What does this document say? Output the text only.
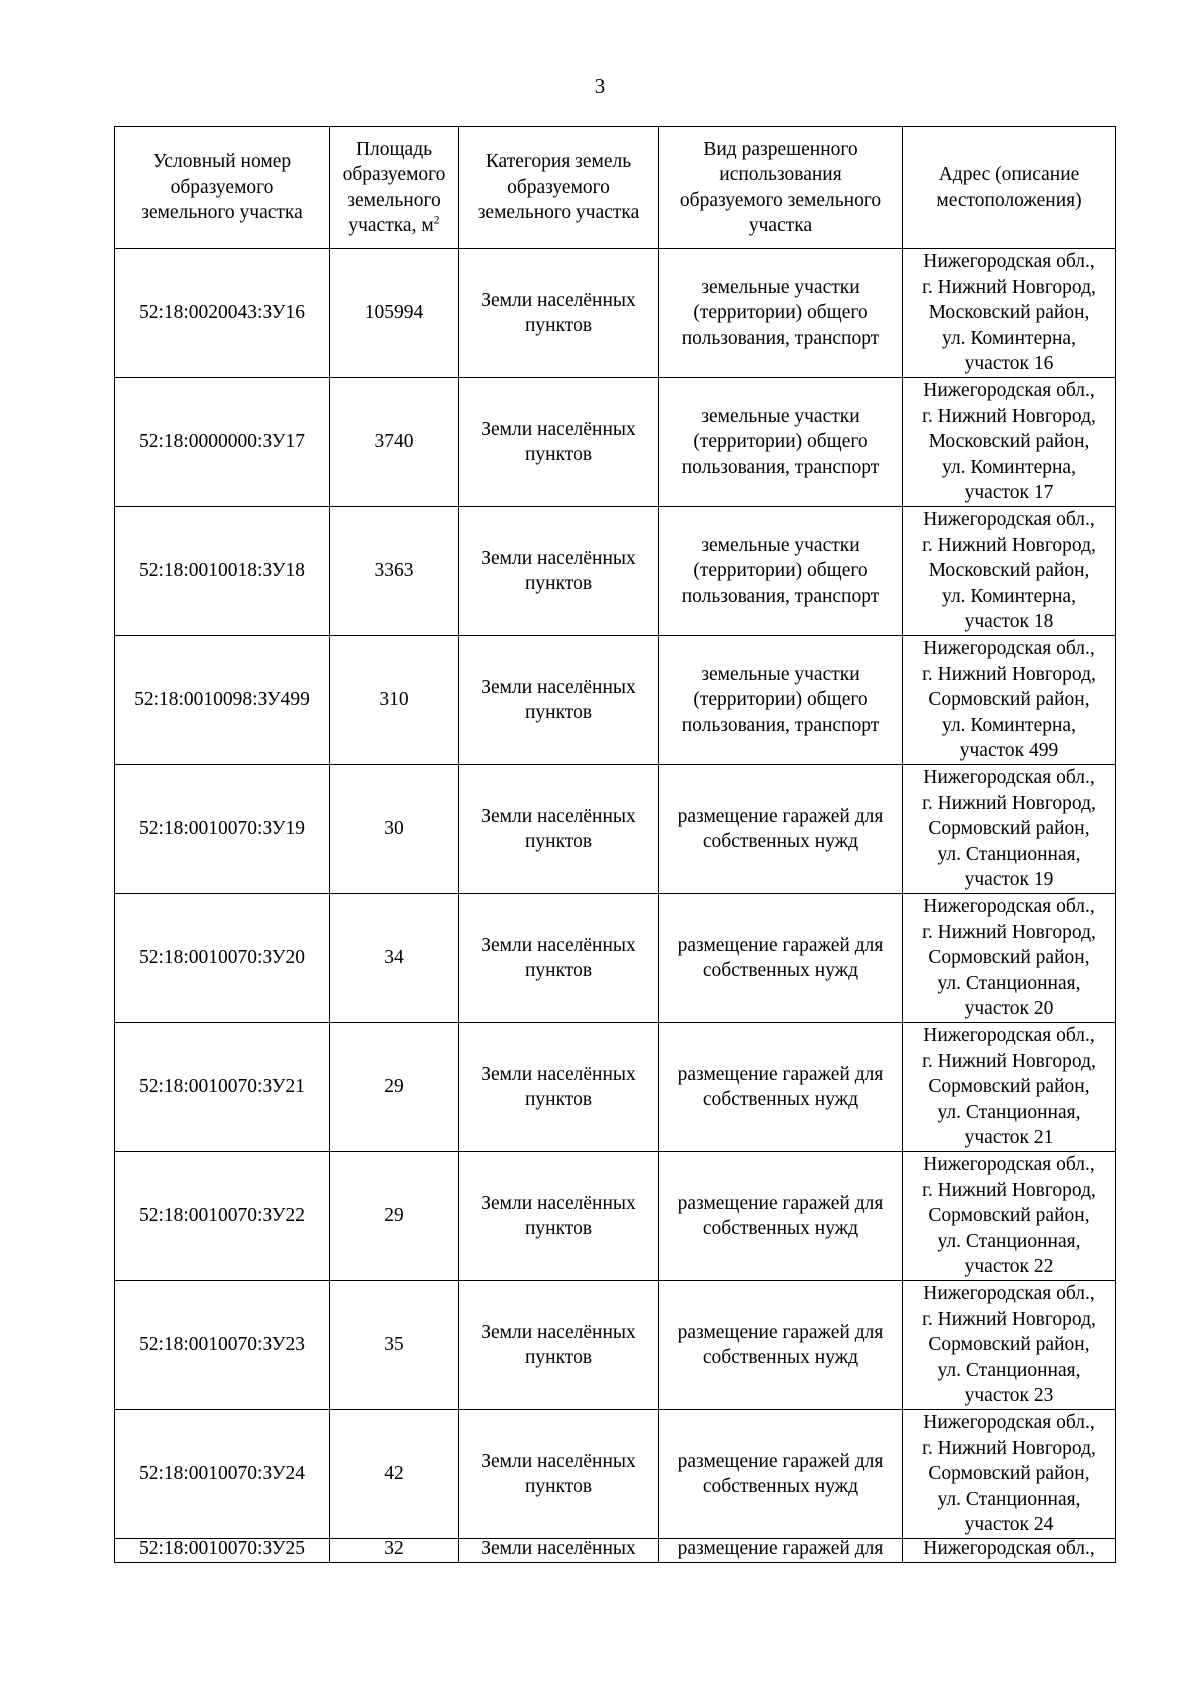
3
Условный номер
образуемого
земельного участка	Площадь
образуемого
земельного
участка, $м^2$	Категория земель
образуемого
земельного участка	Вид разрешенного
использования
образуемого земельного
участка	Адрес (описание
местоположения)
52:18:0020043:ЗУ16	105994	Земли населённых
пунктов	земельные участки
(территории) общего
пользования, транспорт	Нижегородская обл.,
г. Нижний Новгород,
Московский район,
ул. Коминтерна,
участок 16
52:18:0000000:ЗУ17	3740	Земли населённых
пунктов	земельные участки
(территории) общего
пользования, транспорт	Нижегородская обл.,
г. Нижний Новгород,
Московский район,
ул. Коминтерна,
участок 17
52:18:0010018:ЗУ18	3363	Земли населённых
пунктов	земельные участки
(территории) общего
пользования, транспорт	Нижегородская обл.,
г. Нижний Новгород,
Московский район,
ул. Коминтерна,
участок 18
52:18:0010098:ЗУ499	310	Земли населённых
пунктов	земельные участки
(территории) общего
пользования, транспорт	Нижегородская обл.,
г. Нижний Новгород,
Сормовский район,
ул. Коминтерна,
участок 499
52:18:0010070:ЗУ19	30	Земли населённых
пунктов	размещение гаражей для
собственных нужд	Нижегородская обл.,
г. Нижний Новгород,
Сормовский район,
ул. Станционная,
участок 19
52:18:0010070:ЗУ20	34	Земли населённых
пунктов	размещение гаражей для
собственных нужд	Нижегородская обл.,
г. Нижний Новгород,
Сормовский район,
ул. Станционная,
участок 20
52:18:0010070:ЗУ21	29	Земли населённых
пунктов	размещение гаражей для
собственных нужд	Нижегородская обл.,
г. Нижний Новгород,
Сормовский район,
ул. Станционная,
участок 21
52:18:0010070:ЗУ22	29	Земли населённых
пунктов	размещение гаражей для
собственных нужд	Нижегородская обл.,
г. Нижний Новгород,
Сормовский район,
ул. Станционная,
участок 22
52:18:0010070:ЗУ23	35	Земли населённых
пунктов	размещение гаражей для
собственных нужд	Нижегородская обл.,
г. Нижний Новгород,
Сормовский район,
ул. Станционная,
участок 23
52:18:0010070:ЗУ24	42	Земли населённых
пунктов	размещение гаражей для
собственных нужд	Нижегородская обл.,
г. Нижний Новгород,
Сормовский район,
ул. Станционная,
участок 24
52:18:0010070:ЗУ25	32	Земли населённых	размещение гаражей для	Нижегородская обл.,
